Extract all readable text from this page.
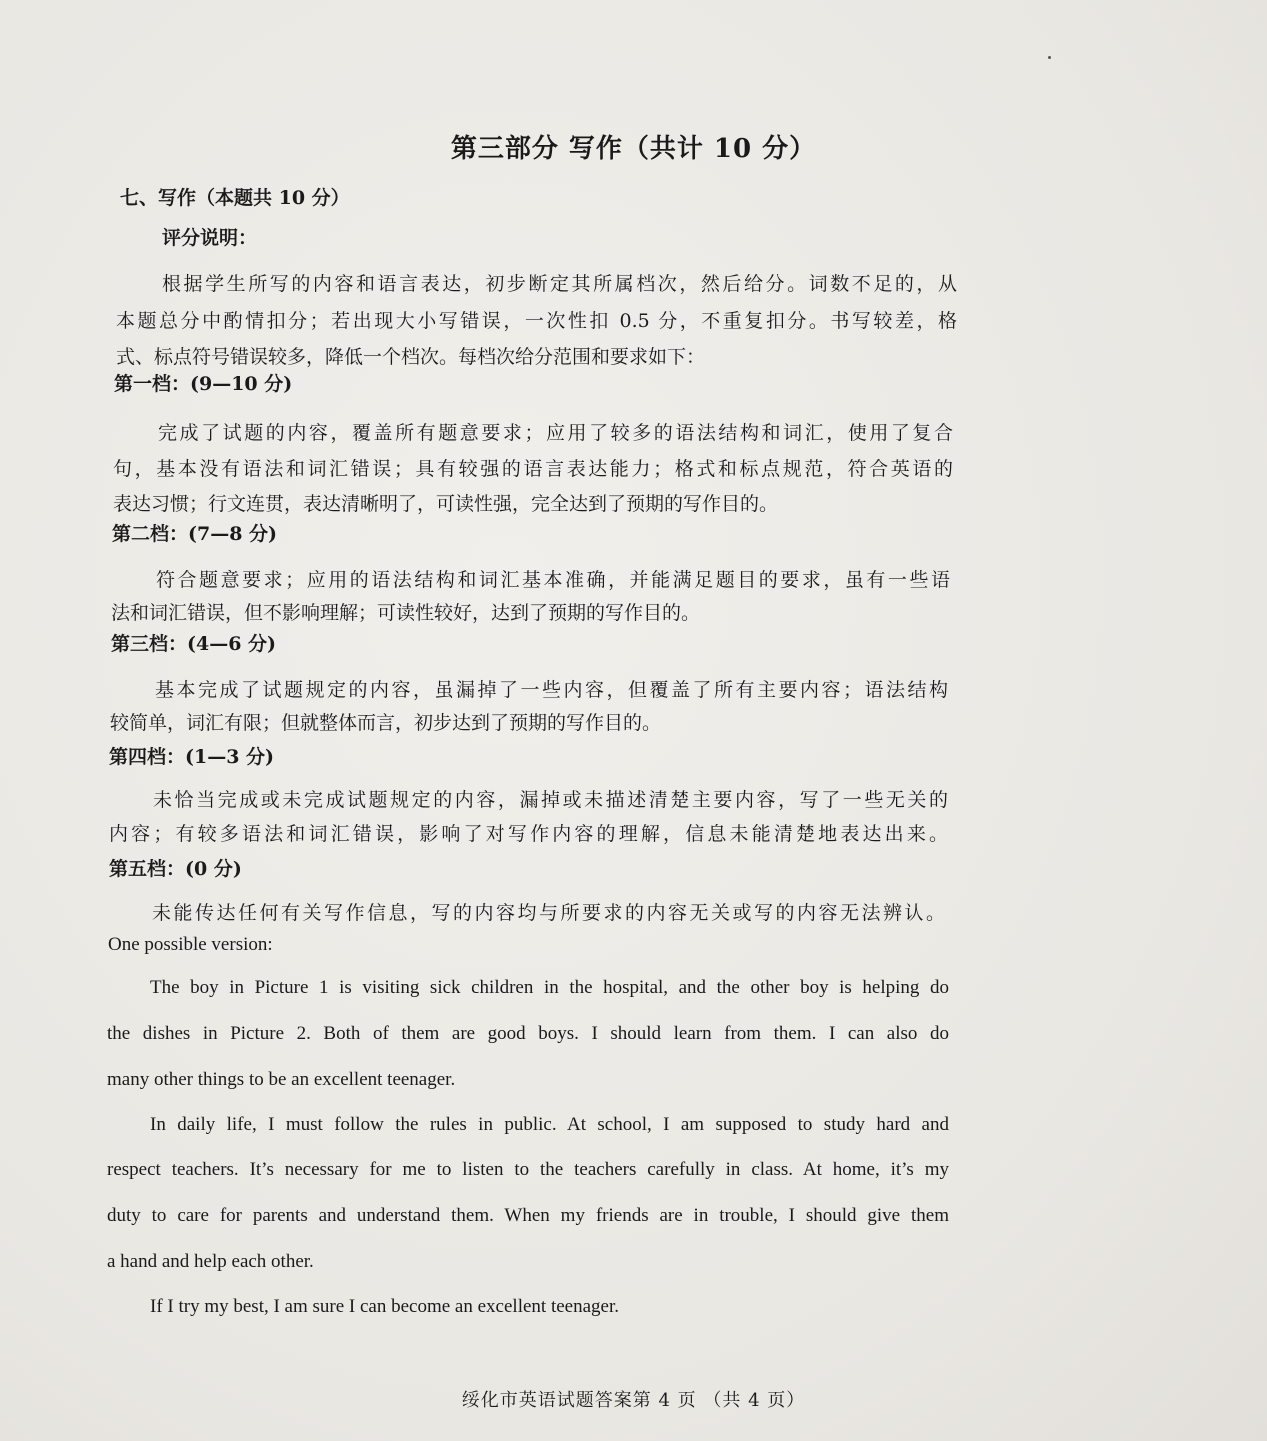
第三部分 写作（共计 10 分）
七、写作（本题共 10 分）
评分说明：
根据学生所写的内容和语言表达，初步断定其所属档次，然后给分。词数不足的，从
本题总分中酌情扣分；若出现大小写错误，一次性扣 0.5 分，不重复扣分。书写较差，格
式、标点符号错误较多，降低一个档次。每档次给分范围和要求如下：
第一档：(9—10 分)
完成了试题的内容，覆盖所有题意要求；应用了较多的语法结构和词汇，使用了复合
句，基本没有语法和词汇错误；具有较强的语言表达能力；格式和标点规范，符合英语的
表达习惯；行文连贯，表达清晰明了，可读性强，完全达到了预期的写作目的。
第二档：(7—8 分)
符合题意要求；应用的语法结构和词汇基本准确，并能满足题目的要求，虽有一些语
法和词汇错误，但不影响理解；可读性较好，达到了预期的写作目的。
第三档：(4—6 分)
基本完成了试题规定的内容，虽漏掉了一些内容，但覆盖了所有主要内容；语法结构
较简单，词汇有限；但就整体而言，初步达到了预期的写作目的。
第四档：(1—3 分)
未恰当完成或未完成试题规定的内容，漏掉或未描述清楚主要内容，写了一些无关的
内容；有较多语法和词汇错误，影响了对写作内容的理解，信息未能清楚地表达出来。
第五档：(0 分)
未能传达任何有关写作信息，写的内容均与所要求的内容无关或写的内容无法辨认。
One possible version:
The boy in Picture 1 is visiting sick children in the hospital, and the other boy is helping do
the dishes in Picture 2. Both of them are good boys. I should learn from them. I can also do
many other things to be an excellent teenager.
In daily life, I must follow the rules in public. At school, I am supposed to study hard and
respect teachers. It’s necessary for me to listen to the teachers carefully in class. At home, it’s my
duty to care for parents and understand them. When my friends are in trouble, I should give them
a hand and help each other.
If I try my best, I am sure I can become an excellent teenager.
绥化市英语试题答案第 4 页 （共 4 页）
